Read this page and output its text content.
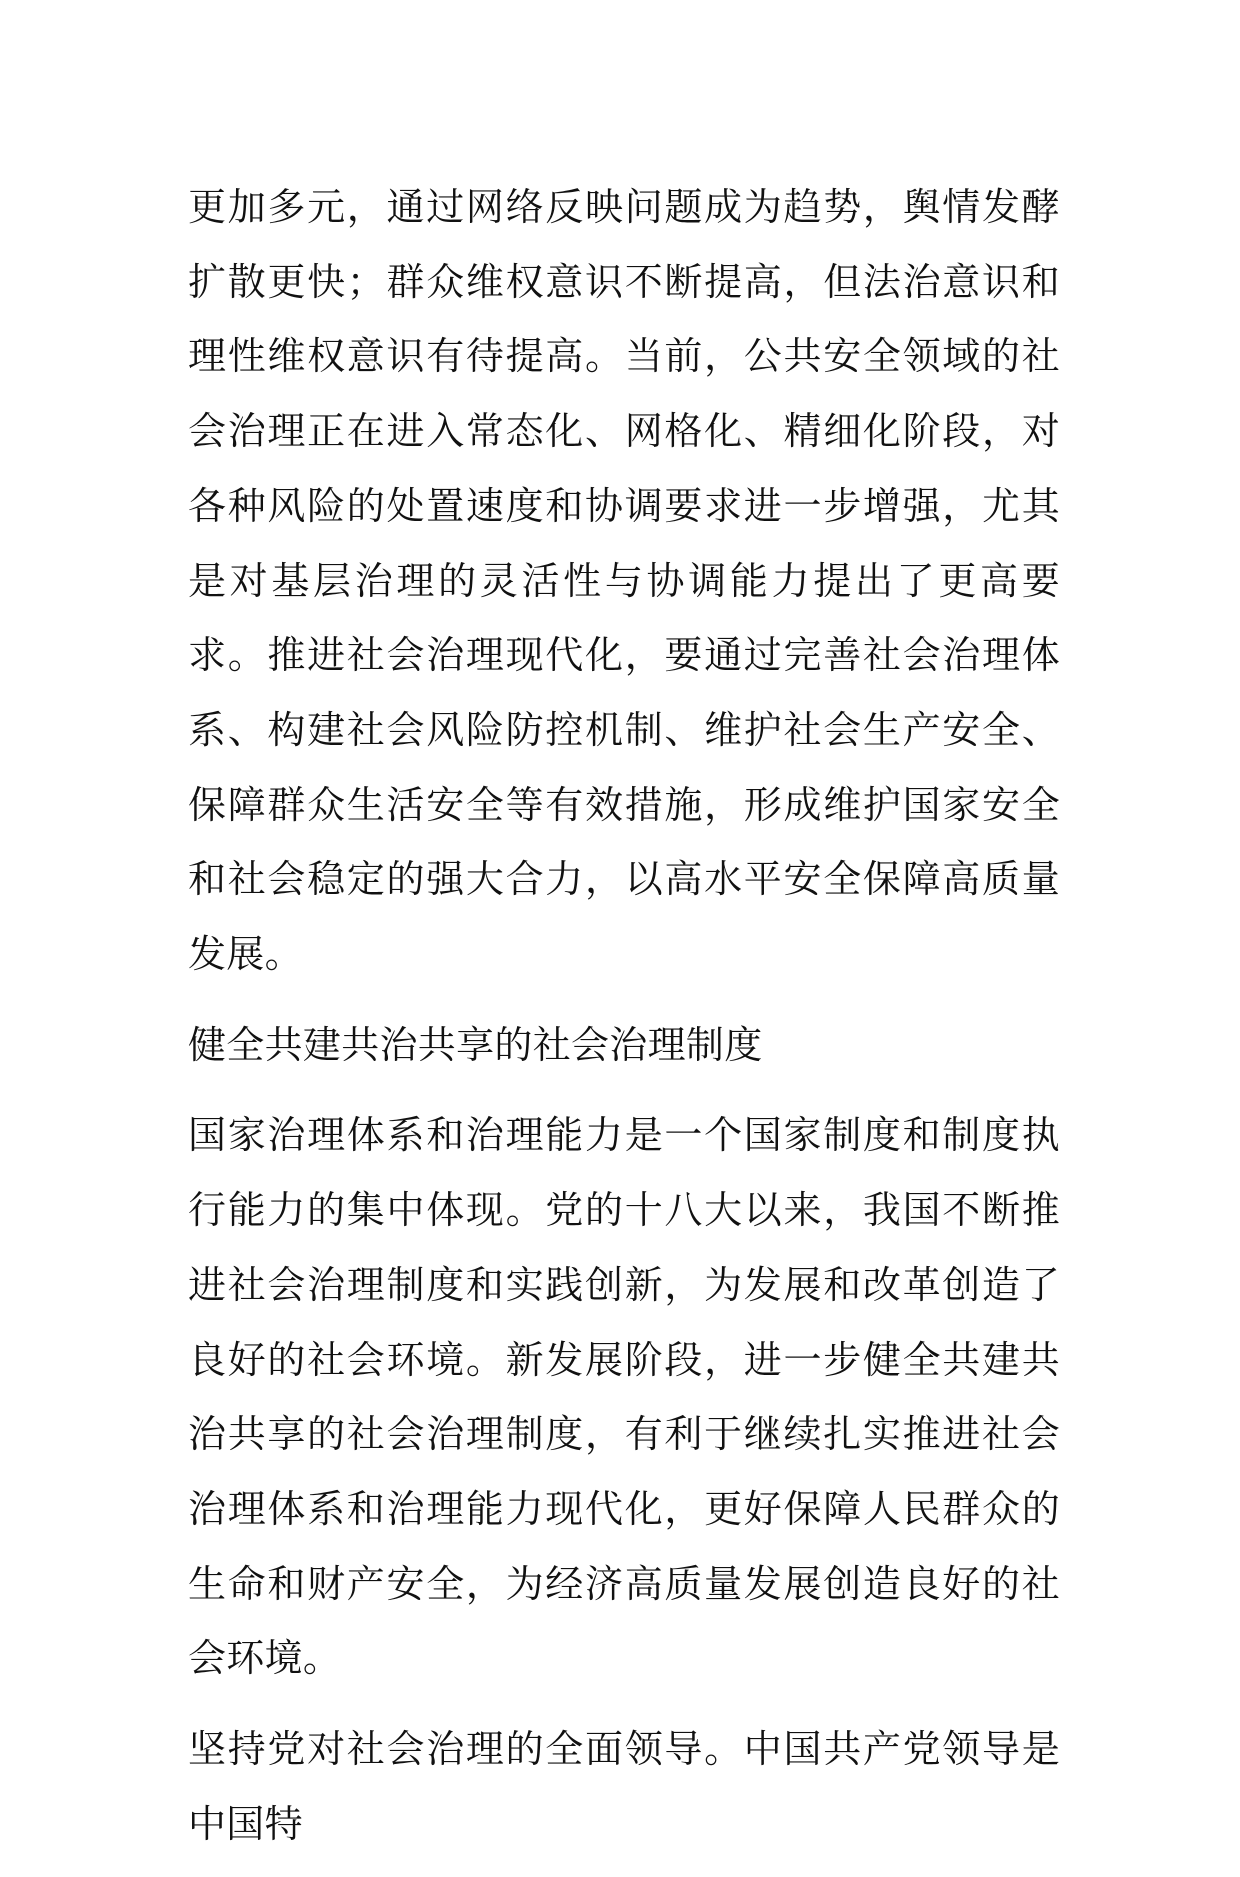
更加多元，通过网络反映问题成为趋势，舆情发酵扩散更快；群众维权意识不断提高，但法治意识和理性维权意识有待提高。当前，公共安全领域的社会治理正在进入常态化、网格化、精细化阶段，对各种风险的处置速度和协调要求进一步增强，尤其是对基层治理的灵活性与协调能力提出了更高要求。推进社会治理现代化，要通过完善社会治理体系、构建社会风险防控机制、维护社会生产安全、保障群众生活安全等有效措施，形成维护国家安全和社会稳定的强大合力，以高水平安全保障高质量发展。

健全共建共治共享的社会治理制度

国家治理体系和治理能力是一个国家制度和制度执行能力的集中体现。党的十八大以来，我国不断推进社会治理制度和实践创新，为发展和改革创造了良好的社会环境。新发展阶段，进一步健全共建共治共享的社会治理制度，有利于继续扎实推进社会治理体系和治理能力现代化，更好保障人民群众的生命和财产安全，为经济高质量发展创造良好的社会环境。

坚持党对社会治理的全面领导。中国共产党领导是中国特
